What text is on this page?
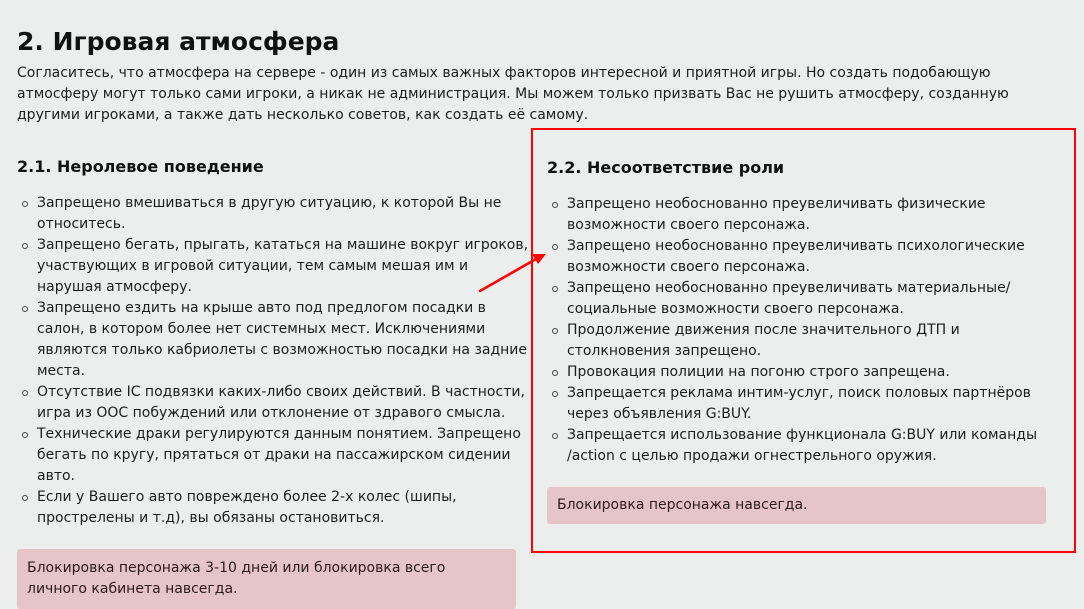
2. Игровая атмосфера

Согласитесь, что атмосфера на сервере - один из самых важных факторов интересной и приятной игры. Но создать подобающую атмосферу могут только сами игроки, а никак не администрация. Мы можем только призвать Вас не рушить атмосферу, созданную другими игроками, а также дать несколько советов, как создать её самому.

2.1. Неролевое поведение
Запрещено вмешиваться в другую ситуацию, к которой Вы не относитесь.
Запрещено бегать, прыгать, кататься на машине вокруг игроков, участвующих в игровой ситуации, тем самым мешая им и нарушая атмосферу.
Запрещено ездить на крыше авто под предлогом посадки в салон, в котором более нет системных мест. Исключениями являются только кабриолеты с возможностью посадки на задние места.
Отсутствие IC подвязки каких-либо своих действий. В частности, игра из ООС побуждений или отклонение от здравого смысла.
Технические драки регулируются данным понятием. Запрещено бегать по кругу, прятаться от драки на пассажирском сидении авто.
Если у Вашего авто повреждено более 2-х колес (шипы, прострелены и т.д), вы обязаны остановиться.
Блокировка персонажа 3-10 дней или блокировка всего личного кабинета навсегда.
2.2. Несоответствие роли
Запрещено необоснованно преувеличивать физические возможности своего персонажа.
Запрещено необоснованно преувеличивать психологические возможности своего персонажа.
Запрещено необоснованно преувеличивать материальные/ социальные возможности своего персонажа.
Продолжение движения после значительного ДТП и столкновения запрещено.
Провокация полиции на погоню строго запрещена.
Запрещается реклама интим-услуг, поиск половых партнёров через объявления G:BUY.
Запрещается использование функционала G:BUY или команды /action с целью продажи огнестрельного оружия.
Блокировка персонажа навсегда.
